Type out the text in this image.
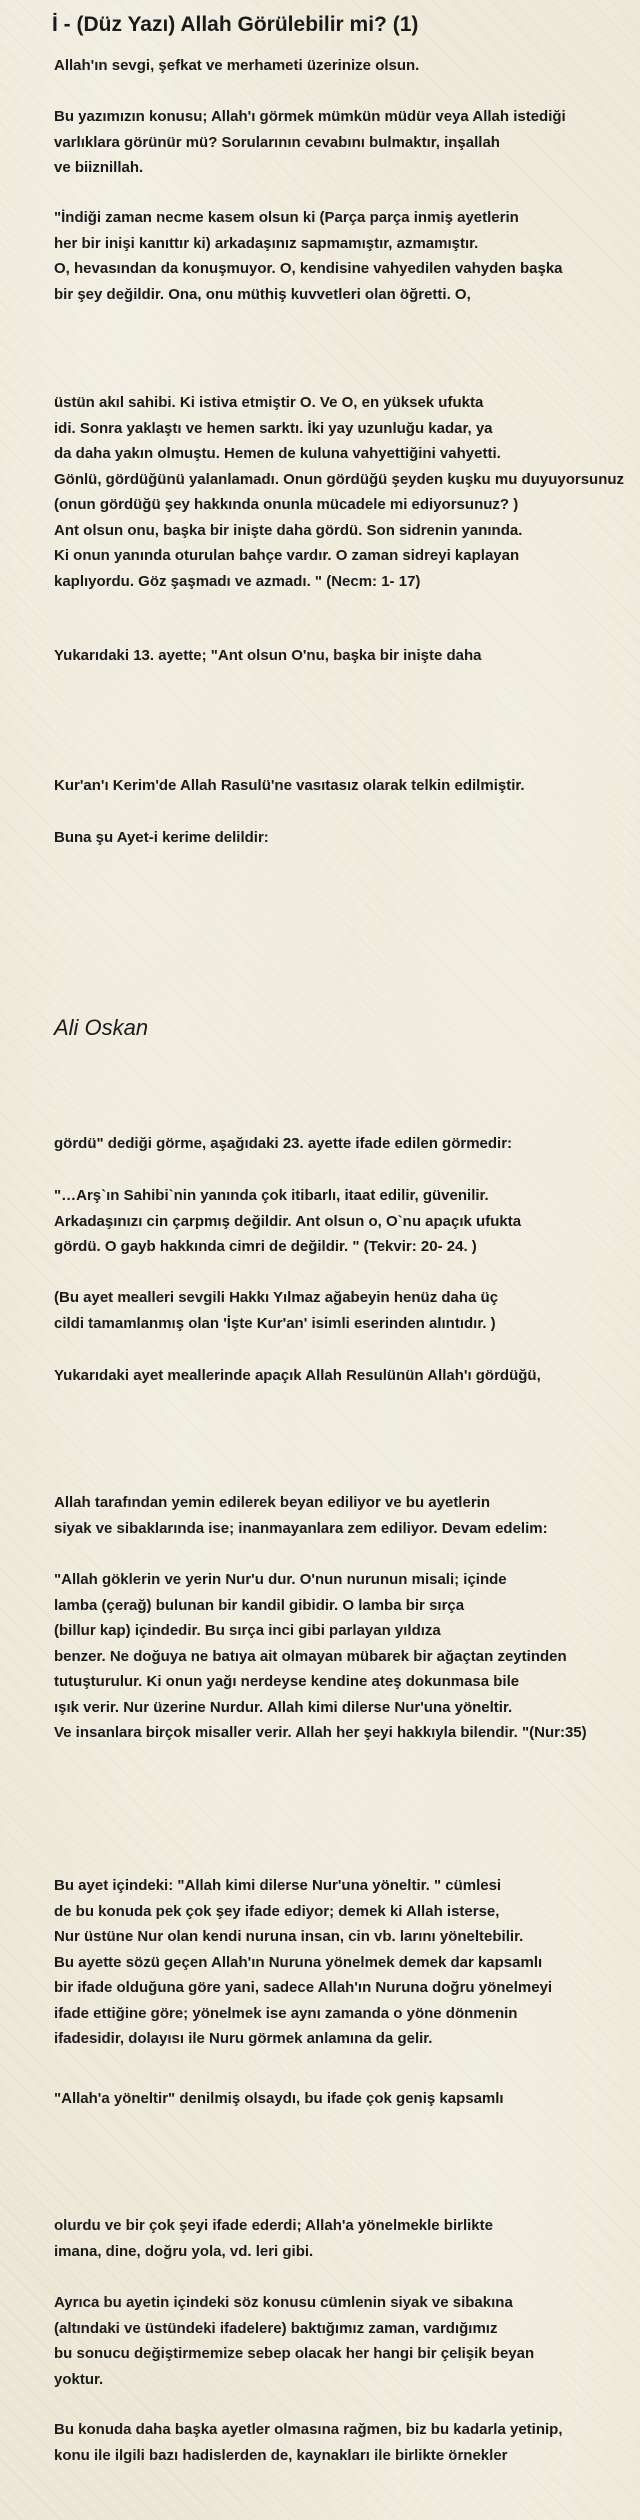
İ - (Düz Yazı) Allah Görülebilir mi? (1)
Allah'ın sevgi, şefkat ve merhameti üzerinize olsun.
Bu yazımızın konusu; Allah'ı görmek mümkün müdür veya Allah istediği
varlıklara görünür mü? Sorularının cevabını bulmaktır, inşallah
ve biiznillah.
"İndiği zaman necme kasem olsun ki (Parça parça inmiş ayetlerin
her bir inişi kanıttır ki) arkadaşınız sapmamıştır, azmamıştır.
O, hevasından da konuşmuyor. O, kendisine vahyedilen vahyden başka
bir şey değildir. Ona, onu müthiş kuvvetleri olan öğretti. O,
üstün akıl sahibi. Ki istiva etmiştir O. Ve O, en yüksek ufukta
idi. Sonra yaklaştı ve hemen sarktı. İki yay uzunluğu kadar, ya
da daha yakın olmuştu. Hemen de kuluna vahyettiğini vahyetti.
Gönlü, gördüğünü yalanlamadı. Onun gördüğü şeyden kuşku mu duyuyorsunuz
(onun gördüğü şey hakkında onunla mücadele mi ediyorsunuz? )
Ant olsun onu, başka bir inişte daha gördü. Son sidrenin yanında.
Ki onun yanında oturulan bahçe vardır. O zaman sidreyi kaplayan
kaplıyordu. Göz şaşmadı ve azmadı. " (Necm: 1- 17)
Yukarıdaki 13. ayette; "Ant olsun O'nu, başka bir inişte daha
Kur'an'ı Kerim'de Allah Rasulü'ne vasıtasız olarak telkin edilmiştir.
Buna şu Ayet-i kerime delildir:
Ali Oskan
gördü" dediği görme, aşağıdaki 23. ayette ifade edilen görmedir:
"…Arş`ın Sahibi`nin yanında çok itibarlı, itaat edilir, güvenilir.
Arkadaşınızı cin çarpmış değildir. Ant olsun o, O`nu apaçık ufukta
gördü. O gayb hakkında cimri de değildir. " (Tekvir: 20- 24. )
(Bu ayet mealleri sevgili Hakkı Yılmaz ağabeyin henüz daha üç
cildi tamamlanmış olan 'İşte Kur'an' isimli eserinden alıntıdır. )
Yukarıdaki ayet meallerinde apaçık Allah Resulünün Allah'ı gördüğü,
Allah tarafından yemin edilerek beyan ediliyor ve bu ayetlerin
siyak ve sibaklarında ise; inanmayanlara zem ediliyor. Devam edelim:
"Allah göklerin ve yerin Nur'u dur. O'nun nurunun misali; içinde
lamba (çerağ) bulunan bir kandil gibidir. O lamba bir sırça
(billur kap) içindedir. Bu sırça inci gibi parlayan yıldıza
benzer. Ne doğuya ne batıya ait olmayan mübarek bir ağaçtan zeytinden
tutuşturulur. Ki onun yağı nerdeyse kendine ateş dokunmasa bile
ışık verir. Nur üzerine Nurdur. Allah kimi dilerse Nur'una yöneltir.
Ve insanlara birçok misaller verir. Allah her şeyi hakkıyla bilendir. "(Nur:35)
Bu ayet içindeki: "Allah kimi dilerse Nur'una yöneltir. " cümlesi
de bu konuda pek çok şey ifade ediyor; demek ki Allah isterse,
Nur üstüne Nur olan kendi nuruna insan, cin vb. larını yöneltebilir.
Bu ayette sözü geçen Allah'ın Nuruna yönelmek demek dar kapsamlı
bir ifade olduğuna göre yani, sadece Allah'ın Nuruna doğru yönelmeyi
ifade ettiğine göre; yönelmek ise aynı zamanda o yöne dönmenin
ifadesidir, dolayısı ile Nuru görmek anlamına da gelir.
"Allah'a yöneltir" denilmiş olsaydı, bu ifade çok geniş kapsamlı
olurdu ve bir çok şeyi ifade ederdi; Allah'a yönelmekle birlikte
imana, dine, doğru yola, vd. leri gibi.
Ayrıca bu ayetin içindeki söz konusu cümlenin siyak ve sibakına
(altındaki ve üstündeki ifadelere) baktığımız zaman, vardığımız
bu sonucu değiştirmemize sebep olacak her hangi bir çelişik beyan
yoktur.
Bu konuda daha başka ayetler olmasına rağmen, biz bu kadarla yetinip,
konu ile ilgili bazı hadislerden de, kaynakları ile birlikte örnekler
